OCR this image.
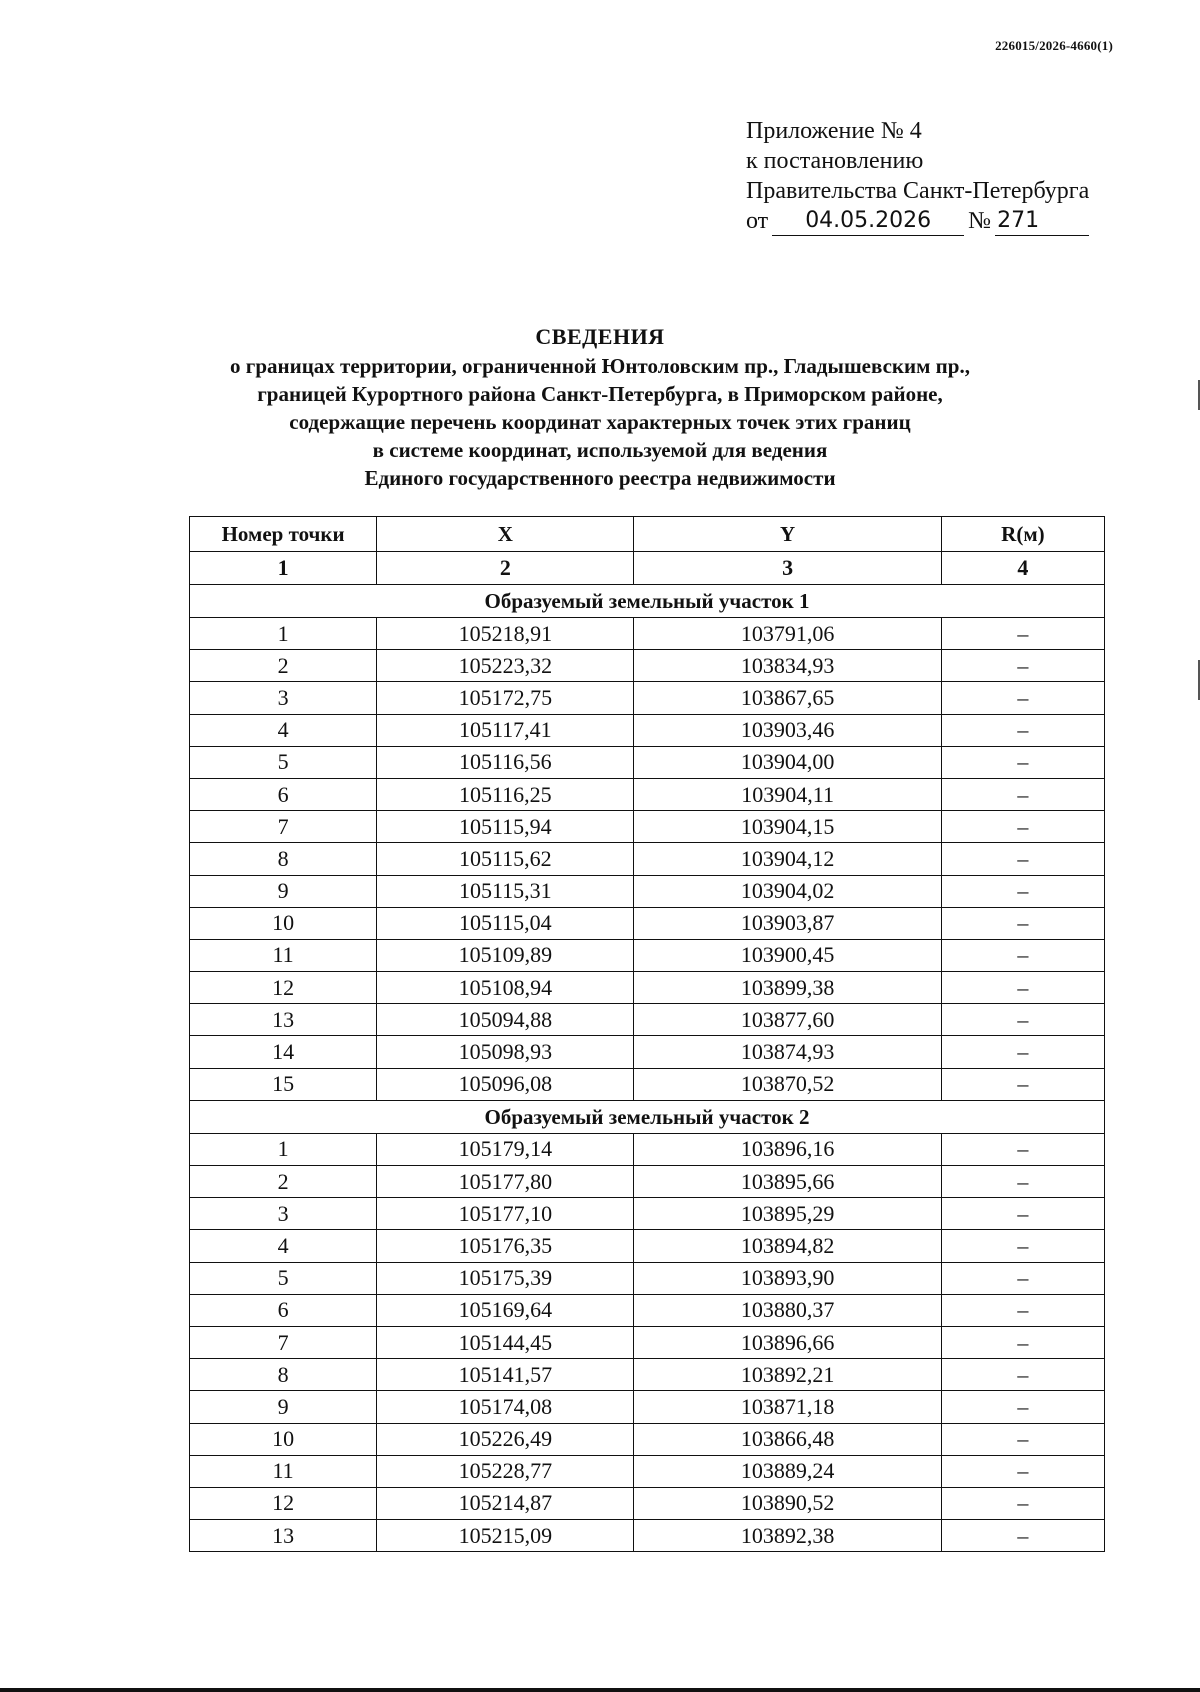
226015/2026-4660(1)
Приложение № 4
к постановлению
Правительства Санкт-Петербурга
от	04.05.2026	№ 271
СВЕДЕНИЯ
о границах территории, ограниченной Юнтоловским пр., Гладышевским пр.,
границей Курортного района Санкт-Петербурга, в Приморском районе,
содержащие перечень координат характерных точек этих границ
в системе координат, используемой для ведения
Единого государственного реестра недвижимости
Номер точки	X	Y	R(м)
1	2	3	4
Образуемый земельный участок 1			
1	105218,91	103791,06	–
2	105223,32	103834,93	–
3	105172,75	103867,65	–
4	105117,41	103903,46	–
5	105116,56	103904,00	–
6	105116,25	103904,11	–
7	105115,94	103904,15	–
8	105115,62	103904,12	–
9	105115,31	103904,02	–
10	105115,04	103903,87	–
11	105109,89	103900,45	–
12	105108,94	103899,38	–
13	105094,88	103877,60	–
14	105098,93	103874,93	–
15	105096,08	103870,52	–
Образуемый земельный участок 2			
1	105179,14	103896,16	–
2	105177,80	103895,66	–
3	105177,10	103895,29	–
4	105176,35	103894,82	–
5	105175,39	103893,90	–
6	105169,64	103880,37	–
7	105144,45	103896,66	–
8	105141,57	103892,21	–
9	105174,08	103871,18	–
10	105226,49	103866,48	–
11	105228,77	103889,24	–
12	105214,87	103890,52	–
13	105215,09	103892,38	–
